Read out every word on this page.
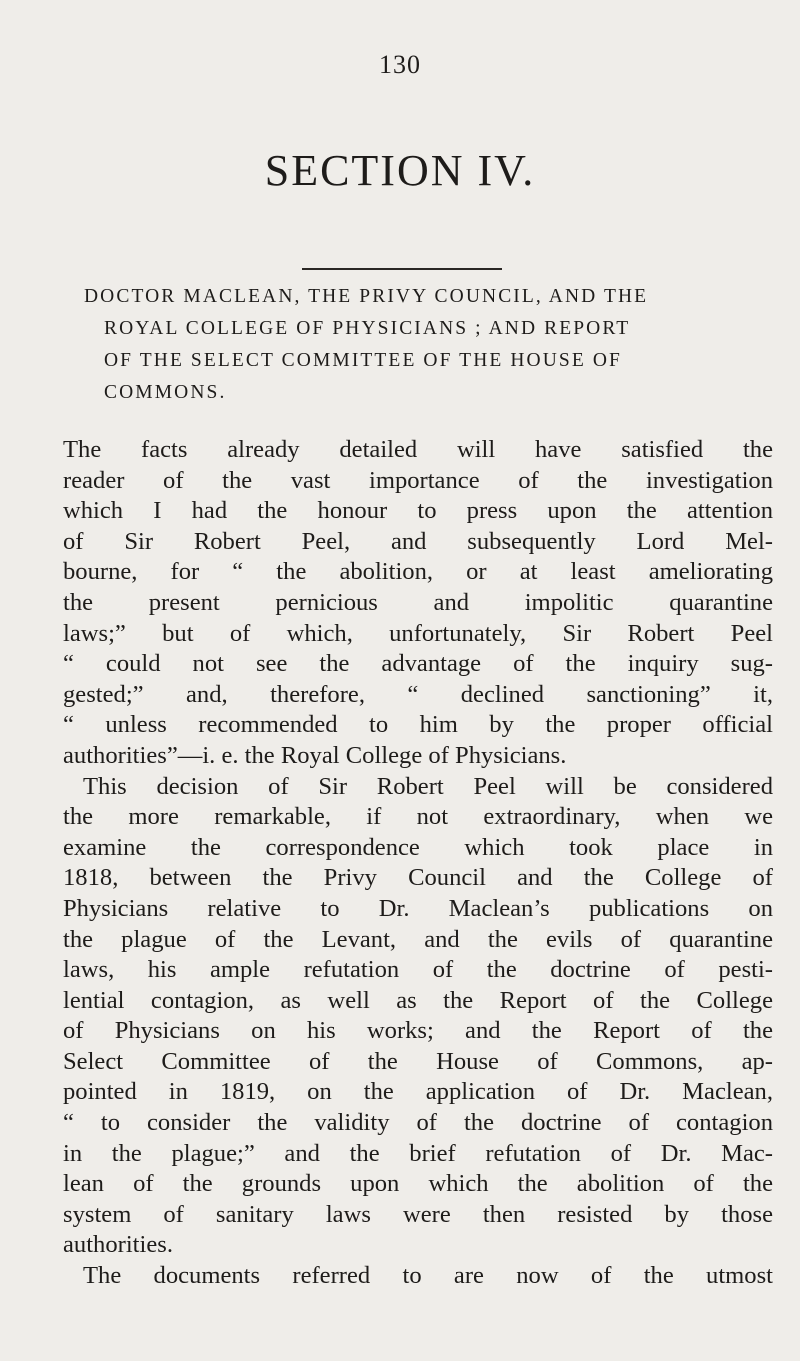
130
SECTION IV.
DOCTOR MACLEAN, THE PRIVY COUNCIL, AND THE
ROYAL COLLEGE OF PHYSICIANS ; AND REPORT
OF THE SELECT COMMITTEE OF THE HOUSE OF
COMMONS.
The facts already detailed will have satisfied the
reader of the vast importance of the investigation
which I had the honour to press upon the attention
of Sir Robert Peel, and subsequently Lord Mel-
bourne, for “ the abolition, or at least ameliorating
the present pernicious and impolitic quarantine
laws;” but of which, unfortunately, Sir Robert Peel
“ could not see the advantage of the inquiry sug-
gested;” and, therefore, “ declined sanctioning” it,
“ unless recommended to him by the proper official
authorities”—i. e. the Royal College of Physicians.
This decision of Sir Robert Peel will be considered
the more remarkable, if not extraordinary, when we
examine the correspondence which took place in
1818, between the Privy Council and the College of
Physicians relative to Dr. Maclean’s publications on
the plague of the Levant, and the evils of quarantine
laws, his ample refutation of the doctrine of pesti-
lential contagion, as well as the Report of the College
of Physicians on his works; and the Report of the
Select Committee of the House of Commons, ap-
pointed in 1819, on the application of Dr. Maclean,
“ to consider the validity of the doctrine of contagion
in the plague;” and the brief refutation of Dr. Mac-
lean of the grounds upon which the abolition of the
system of sanitary laws were then resisted by those
authorities.
The documents referred to are now of the utmost
